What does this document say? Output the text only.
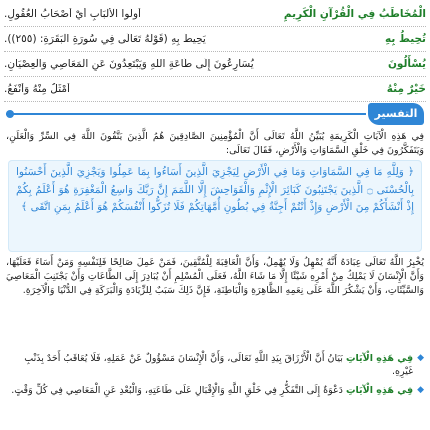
الْمُخَاطَبُ فِي الْقُرْآنِ الْكَرِيمِ
أُولُوا الْأَلْبَابِ أَيْ أَصْحَابُ الْعُقُولِ.
تُحِيطُ بِهِ
يَحِيطُ بِهِ (قَوْلُهُ تَعَالَى فِي سُورَةِ الْبَقَرَةِ: (٢٥٥)).
يُسْأَلُونَ
يُسَارِعُونَ إِلَى طَاعَةِ اللَّهِ وَيَبْتَعِدُونَ عَنِ الْمَعَاصِي وَالْعِصْيَانِ.
خَيْرٌ مِنْهُ
أَمْثَلُ مِنْهُ وَأَنْفَعُ.
التفسير
فِي هَذِهِ الْآيَاتِ الْكَرِيمَةِ يُبَيِّنُ اللَّهُ تَعَالَى أَنَّ الْمُؤْمِنِينَ الصَّادِقِينَ هُمُ الَّذِينَ يَتَّقُونَ اللَّهَ فِي السِّرِّ وَالْعَلَنِ، وَيَتَفَكَّرُونَ فِي خَلْقِ السَّمَاوَاتِ وَالْأَرْضِ، فَقَالَ تَعَالَى:
﴿ وَلِلَّهِ مَا فِي السَّمَاوَاتِ وَمَا فِي الْأَرْضِ لِيَجْزِيَ الَّذِينَ أَسَاءُوا بِمَا عَمِلُوا وَيَجْزِيَ الَّذِينَ أَحْسَنُوا بِالْحُسْنَى ۝ الَّذِينَ يَجْتَنِبُونَ كَبَائِرَ الْإِثْمِ وَالْفَوَاحِشَ إِلَّا اللَّمَمَ إِنَّ رَبَّكَ وَاسِعُ الْمَغْفِرَةِ هُوَ أَعْلَمُ بِكُمْ إِذْ أَنْشَأَكُمْ مِنَ الْأَرْضِ وَإِذْ أَنْتُمْ أَجِنَّةٌ فِي بُطُونِ أُمَّهَاتِكُمْ فَلَا تُزَكُّوا أَنْفُسَكُمْ هُوَ أَعْلَمُ بِمَنِ اتَّقَى ﴾
يُخْبِرُ اللَّهُ تَعَالَى عِبَادَهُ أَنَّهُ يُمْهِلُ وَلَا يُهْمِلُ، وَأَنَّ الْعَاقِبَةَ لِلْمُتَّقِينَ، فَمَنْ عَمِلَ صَالِحًا فَلِنَفْسِهِ وَمَنْ أَسَاءَ فَعَلَيْهَا، وَأَنَّ الْإِنْسَانَ لَا يَمْلِكُ مِنْ أَمْرِهِ شَيْئًا إِلَّا مَا شَاءَ اللَّهُ، فَعَلَى الْمُسْلِمِ أَنْ يُبَادِرَ إِلَى الطَّاعَاتِ وَأَنْ يَجْتَنِبَ الْمَعَاصِيَ وَالسَّيِّئَاتِ، وَأَنْ يَشْكُرَ اللَّهَ عَلَى نِعَمِهِ الظَّاهِرَةِ وَالْبَاطِنَةِ، فَإِنَّ ذَلِكَ سَبَبٌ لِلزِّيَادَةِ وَالْبَرَكَةِ فِي الدُّنْيَا وَالْآخِرَةِ.
◆
فِي هَذِهِ الْآيَاتِ بَيَانُ أَنَّ الْأَرْزَاقَ بِيَدِ اللَّهِ تَعَالَى، وَأَنَّ الْإِنْسَانَ مَسْؤُولٌ عَنْ عَمَلِهِ، فَلَا يُعَاقَبُ أَحَدٌ بِذَنْبِ غَيْرِهِ.
◆
فِي هَذِهِ الْآيَاتِ دَعْوَةٌ إِلَى التَّفَكُّرِ فِي خَلْقِ اللَّهِ وَالْإِقْبَالِ عَلَى طَاعَتِهِ، وَالْبُعْدِ عَنِ الْمَعَاصِي فِي كُلِّ وَقْتٍ.
